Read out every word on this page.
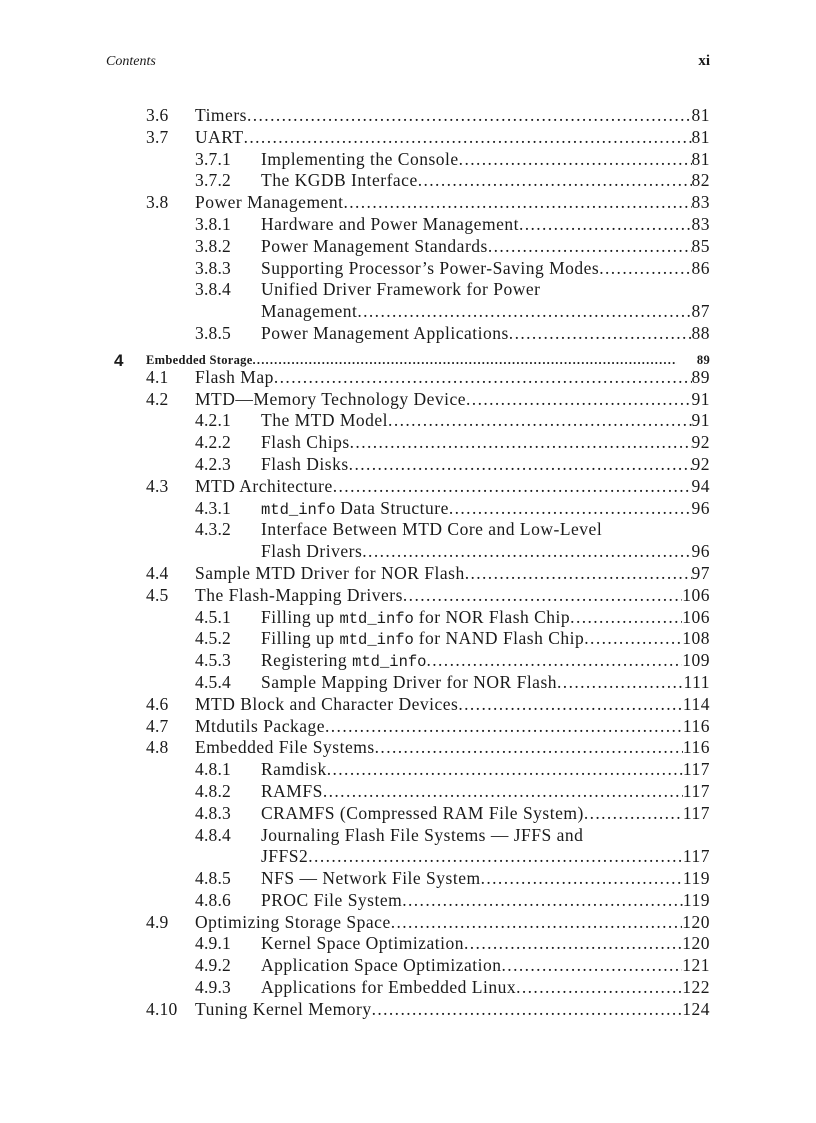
Contents	xi
3.6 Timers .....	81
3.7 UART .....	81
3.7.1 Implementing the Console .....	81
3.7.2 The KGDB Interface .....	82
3.8 Power Management .....	83
3.8.1 Hardware and Power Management .....	83
3.8.2 Power Management Standards .....	85
3.8.3 Supporting Processor’s Power-Saving Modes .....	86
3.8.4 Unified Driver Framework for Power
Management .....	87
3.8.5 Power Management Applications .....	88
4 Embedded Storage .....	89
4.1 Flash Map .....	89
4.2 MTD—Memory Technology Device .....	91
4.2.1 The MTD Model .....	91
4.2.2 Flash Chips .....	92
4.2.3 Flash Disks .....	92
4.3 MTD Architecture .....	94
4.3.1 mtd_info Data Structure .....	96
4.3.2 Interface Between MTD Core and Low-Level
Flash Drivers .....	96
4.4 Sample MTD Driver for NOR Flash .....	97
4.5 The Flash-Mapping Drivers .....	106
4.5.1 Filling up mtd_info for NOR Flash Chip .....	106
4.5.2 Filling up mtd_info for NAND Flash Chip .....	108
4.5.3 Registering mtd_info .....	109
4.5.4 Sample Mapping Driver for NOR Flash .....	111
4.6 MTD Block and Character Devices .....	114
4.7 Mtdutils Package .....	116
4.8 Embedded File Systems .....	116
4.8.1 Ramdisk .....	117
4.8.2 RAMFS .....	117
4.8.3 CRAMFS (Compressed RAM File System) .....	117
4.8.4 Journaling Flash File Systems — JFFS and
JFFS2 .....	117
4.8.5 NFS — Network File System .....	119
4.8.6 PROC File System .....	119
4.9 Optimizing Storage Space .....	120
4.9.1 Kernel Space Optimization .....	120
4.9.2 Application Space Optimization .....	121
4.9.3 Applications for Embedded Linux .....	122
4.10 Tuning Kernel Memory .....	124
